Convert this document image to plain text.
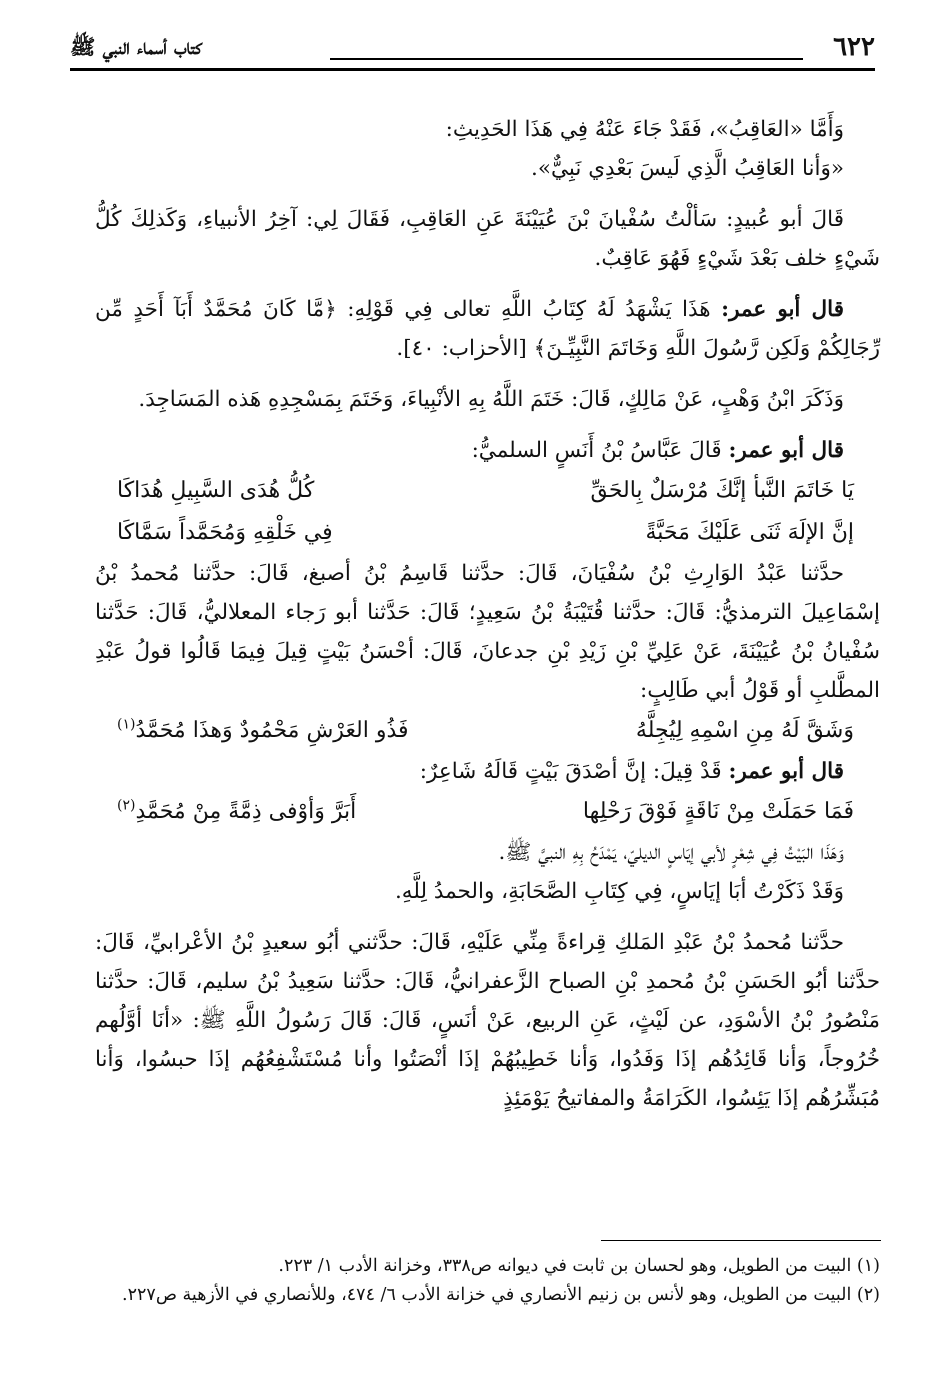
٦٢٢
كتاب أسماء النبي ﷺ

وَأَمَّا «العَاقِبُ»، فَقَدْ جَاءَ عَنْهُ فِي هَذَا الحَدِيثِ:

«وَأنا العَاقِبُ الَّذِي لَيسَ بَعْدِي نَبِيٌّ».

قَالَ أبو عُبيدٍ: سَألْتُ سُفْيانَ بْنَ عُيَيْنَةَ عَنِ العَاقِبِ، فَقَالَ لِي: آخِرُ الأنبياءِ، وَكَذلِكَ كُلُّ شَيْءٍ خلف بَعْدَ شَيْءٍ فَهُوَ عَاقِبٌ.

قال أبو عمر: هَذَا يَشْهَدُ لَهُ كِتَابُ اللَّهِ تعالى فِي قَوْلِهِ: ﴿مَّا كَانَ مُحَمَّدٌ أَبَآ أَحَدٍ مِّن رِّجَالِكُمْ وَلَكِن رَّسُولَ اللَّهِ وَخَاتَمَ النَّبِيِّـنَ﴾ [الأحزاب: ٤٠].

وَذَكَرَ ابْنُ وَهْبٍ، عَنْ مَالِكٍ، قَالَ: خَتَمَ اللَّهُ بِهِ الأنْبِياءَ، وَخَتَمَ بِمَسْجِدِهِ هَذه المَسَاجِدَ.

قال أبو عمر: قَالَ عَبَّاسُ بْنُ أَنَسٍ السلميُّ:

يَا خَاتَمَ النَّبأ إنَّكَ مُرْسَلٌ بِالحَقِّ
كُلُّ هُدَى السَّبِيلِ هُدَاكَا
إنَّ الإلَهَ ثَنَى عَلَيْكَ مَحَبَّةً
فِي خَلْقِهِ وَمُحَمَّداً سَمَّاكَا

حدَّثنا عَبْدُ الوَارِثِ بْنُ سُفْيَانَ، قَالَ: حدَّثنا قَاسِمُ بْنُ أصبغ، قَالَ: حدَّثنا مُحمدُ بْنُ إسْمَاعِيلَ الترمذيُّ: قَالَ: حدَّثنا قُتَيْبَةُ بْنُ سَعِيدٍ؛ قَالَ: حَدَّثنا أبو رَجاء المعلاليُّ، قَالَ: حَدَّثنا سُفْيانُ بْنُ عُيَيْنَةَ، عَنْ عَلِيِّ بْنِ زَيْدِ بْنِ جدعانَ، قَالَ: أحْسَنُ بَيْتٍ قِيلَ فِيمَا قَالُوا قولُ عَبْدِ المطَّلبِ أو قَوْلُ أبي طَالِبٍ:

وَشَقَّ لَهُ مِنِ اسْمِهِ لِيُجِلَّهُ
فَذُو العَرْشِ مَحْمُودٌ وَهذَا مُحَمَّدُ$^{(١)}$

قال أبو عمر: قَدْ قِيلَ: إنَّ أصْدَقَ بَيْتٍ قَالَهُ شَاعِرٌ:

فَمَا حَمَلَتْ مِنْ نَاقَةٍ فَوْقَ رَحْلِها
أَبَرَّ وَأوْفى ذِمَّةً مِنْ مُحَمَّدِ$^{(٢)}$

وَهَذَا البَيْتُ فِي شِعْرٍ لأبي إيَاسٍ الديليّ، يَمْدَحُ بِهِ النبيَّ ﷺ.

وَقَدْ ذَكَرْتُ أبَا إيَاسٍ، فِي كِتَابِ الصَّحَابَةِ، والحمدُ لِلَّهِ.

حدَّثنا مُحمدُ بْنُ عَبْدِ المَلكِ قِراءةً مِنِّي عَلَيْهِ، قَالَ: حدَّثني أبُو سعيدٍ بْنُ الأعْرابيِّ، قَالَ: حدَّثنا أبُو الحَسَنِ بْنُ مُحمدِ بْنِ الصباح الزَّعفرانيُّ، قَالَ: حدَّثنا سَعِيدُ بْنُ سليم، قَالَ: حدَّثنا مَنْصُورُ بْنُ الأسْوَدِ، عن لَيْثٍ، عَنِ الربيع، عَنْ أنَسٍ، قَالَ: قَالَ رَسُولُ اللَّهِ ﷺ: «أنَا أوَّلُهم خُرُوجاً، وَأنا قَائِدُهُم إذَا وَفَدُوا، وَأنا خَطِيبُهُمْ إذَا أنْصَتُوا وأنا مُسْتَشْفِعُهُم إذَا حبسُوا، وَأنا مُبَشِّرُهُم إذَا يَئِسُوا، الكَرَامَةُ والمفاتيحُ يَوْمَئِذٍ

(١) البيت من الطويل، وهو لحسان بن ثابت في ديوانه ص٣٣٨، وخزانة الأدب ١/ ٢٢٣.

(٢) البيت من الطويل، وهو لأنس بن زنيم الأنصاري في خزانة الأدب ٦/ ٤٧٤، وللأنصاري في الأزهية ص٢٢٧.
